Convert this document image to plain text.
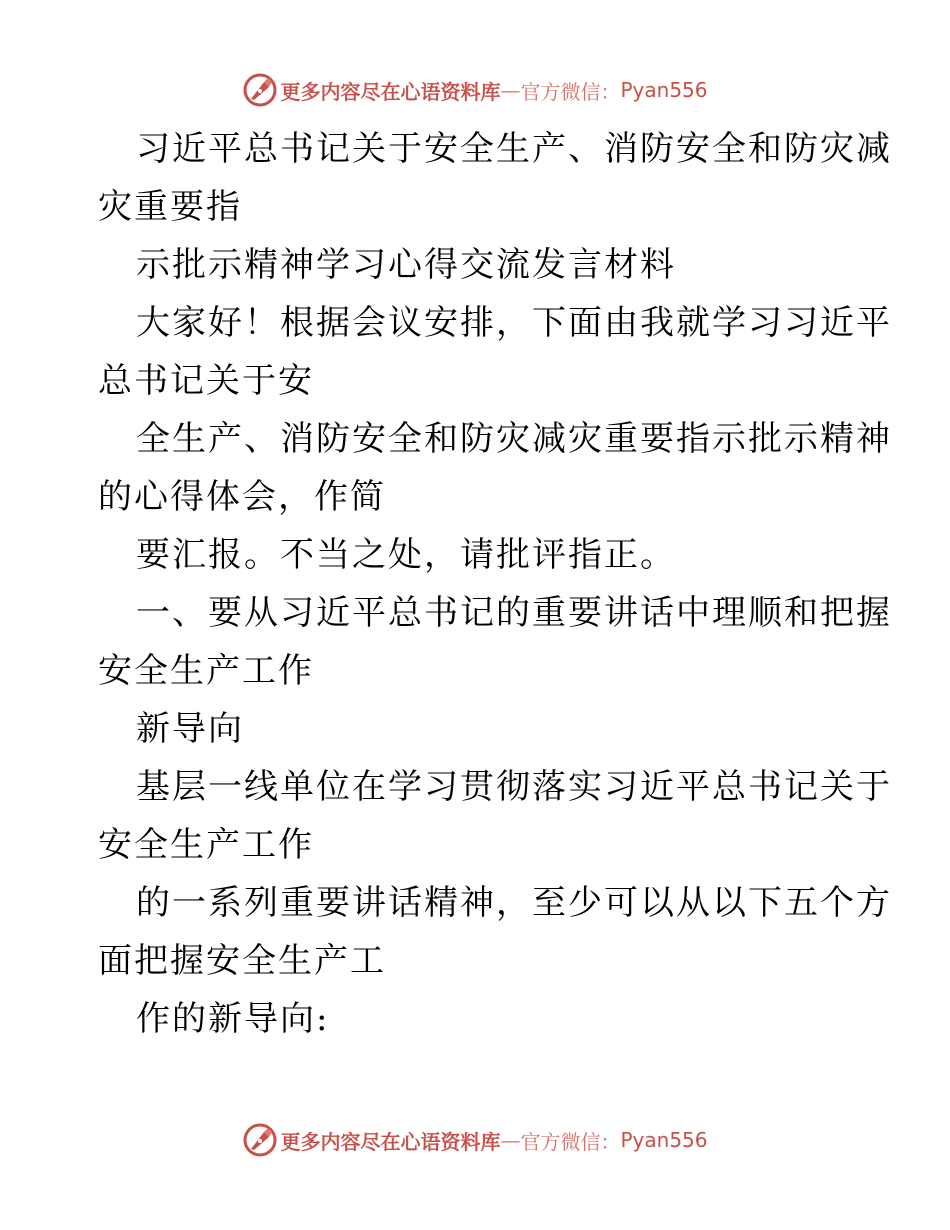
更多内容尽在心语资料库 — 官方微信： Pyan556
习近平总书记关于安全生产、消防安全和防灾减
灾重要指
示批示精神学习心得交流发言材料
大家好！根据会议安排，下面由我就学习习近平
总书记关于安
全生产、消防安全和防灾减灾重要指示批示精神
的心得体会，作简
要汇报。不当之处，请批评指正。
一、要从习近平总书记的重要讲话中理顺和把握
安全生产工作
新导向
基层一线单位在学习贯彻落实习近平总书记关于
安全生产工作
的一系列重要讲话精神，至少可以从以下五个方
面把握安全生产工
作的新导向:
更多内容尽在心语资料库 — 官方微信： Pyan556
